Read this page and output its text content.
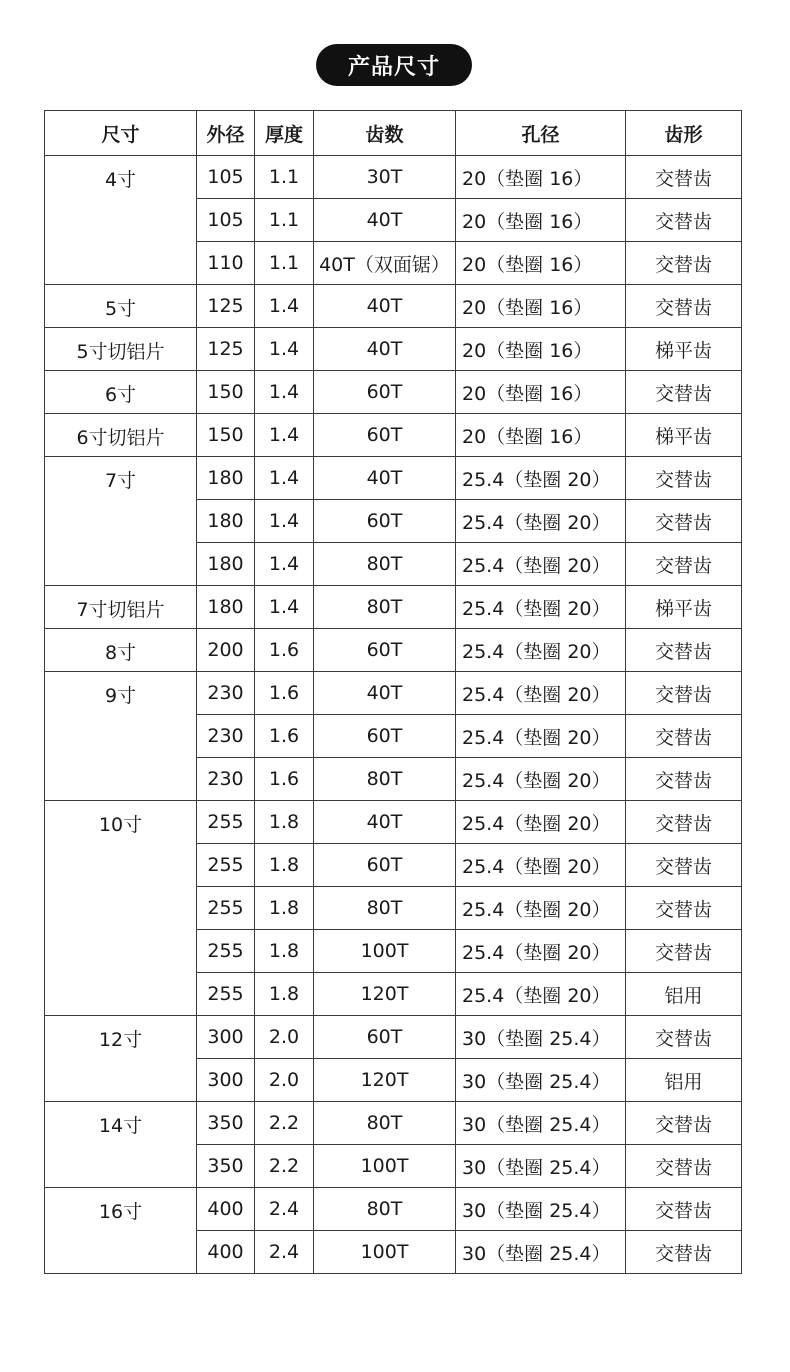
产品尺寸
尺寸	外径	厚度	齿数	孔径	齿形
4寸	105	1.1	30T	20（垫圈 16）	交替齿
	105	1.1	40T	20（垫圈 16）	交替齿
	110	1.1	40T（双面锯）	20（垫圈 16）	交替齿
5寸	125	1.4	40T	20（垫圈 16）	交替齿
5寸切铝片	125	1.4	40T	20（垫圈 16）	梯平齿
6寸	150	1.4	60T	20（垫圈 16）	交替齿
6寸切铝片	150	1.4	60T	20（垫圈 16）	梯平齿
7寸	180	1.4	40T	25.4（垫圈 20）	交替齿
	180	1.4	60T	25.4（垫圈 20）	交替齿
	180	1.4	80T	25.4（垫圈 20）	交替齿
7寸切铝片	180	1.4	80T	25.4（垫圈 20）	梯平齿
8寸	200	1.6	60T	25.4（垫圈 20）	交替齿
9寸	230	1.6	40T	25.4（垫圈 20）	交替齿
	230	1.6	60T	25.4（垫圈 20）	交替齿
	230	1.6	80T	25.4（垫圈 20）	交替齿
10寸	255	1.8	40T	25.4（垫圈 20）	交替齿
	255	1.8	60T	25.4（垫圈 20）	交替齿
	255	1.8	80T	25.4（垫圈 20）	交替齿
	255	1.8	100T	25.4（垫圈 20）	交替齿
	255	1.8	120T	25.4（垫圈 20）	铝用
12寸	300	2.0	60T	30（垫圈 25.4）	交替齿
	300	2.0	120T	30（垫圈 25.4）	铝用
14寸	350	2.2	80T	30（垫圈 25.4）	交替齿
	350	2.2	100T	30（垫圈 25.4）	交替齿
16寸	400	2.4	80T	30（垫圈 25.4）	交替齿
	400	2.4	100T	30（垫圈 25.4）	交替齿
